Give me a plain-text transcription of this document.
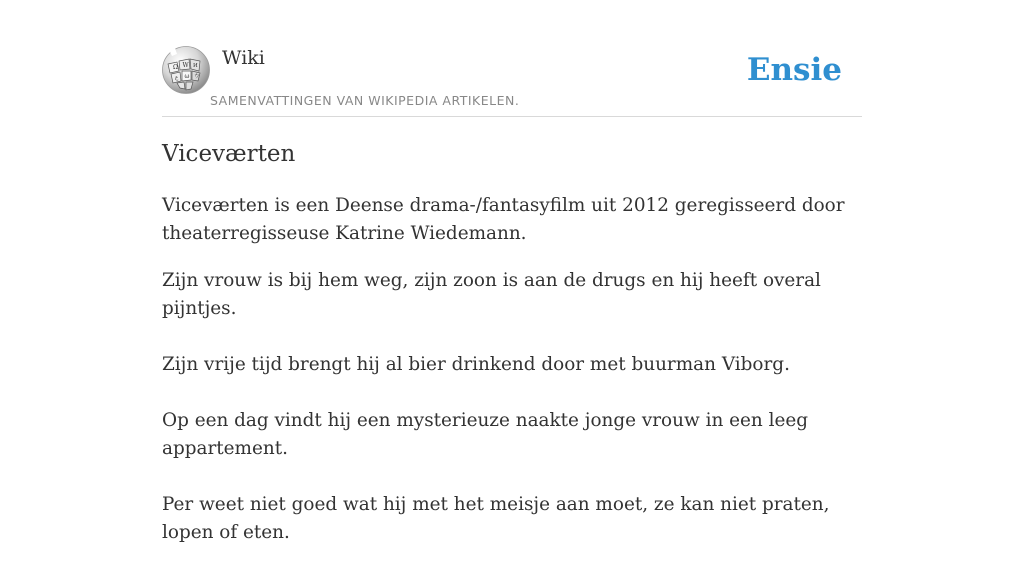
Ω W И
ع ω ウ
Wiki
SAMENVATTINGEN VAN WIKIPEDIA ARTIKELEN.
Ensie
Viceværten

Viceværten is een Deense drama-/fantasyfilm uit 2012 geregisseerd door theaterregisseuse Katrine Wiedemann.

Zijn vrouw is bij hem weg, zijn zoon is aan de drugs en hij heeft overal pijntjes.

Zijn vrije tijd brengt hij al bier drinkend door met buurman Viborg.

Op een dag vindt hij een mysterieuze naakte jonge vrouw in een leeg appartement.

Per weet niet goed wat hij met het meisje aan moet, ze kan niet praten, lopen of eten.
